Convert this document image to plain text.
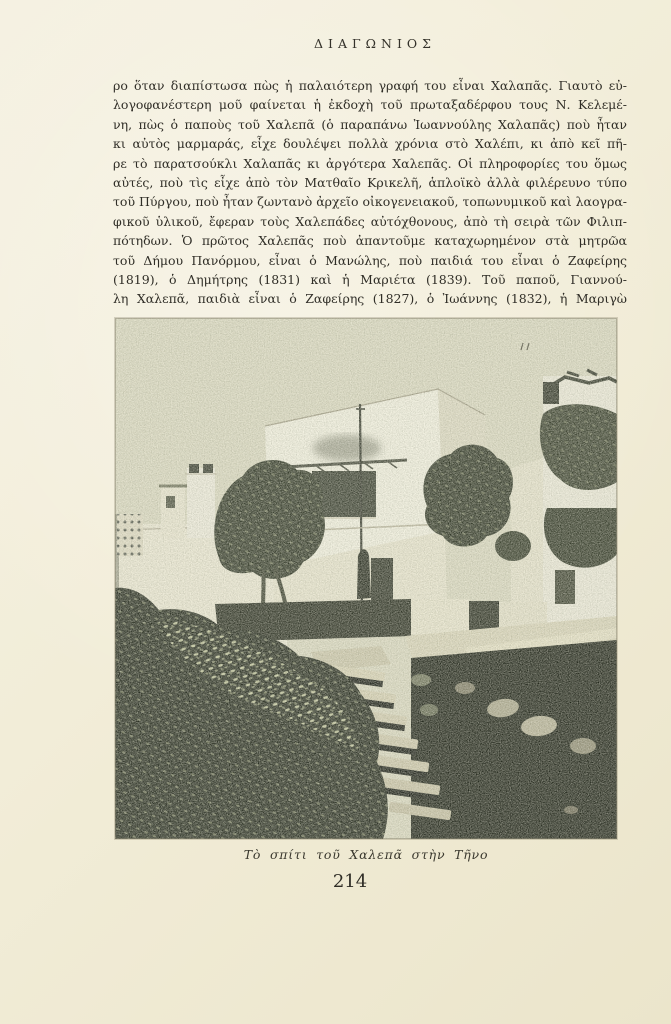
ΔΙΑΓΩΝΙΟΣ
ρο ὅταν διαπίστωσα πὼς ἡ παλαιότερη γραφή του εἶναι Χαλαπᾶς. Γιαυτὸ εὐ-
λογοφανέστερη μοῦ φαίνεται ἡ ἐκδοχὴ τοῦ πρωταξαδέρφου τους Ν. Κελεμέ-
νη, πὼς ὁ παποὺς τοῦ Χαλεπᾶ (ὁ παραπάνω Ἰωαννούλης Χαλαπᾶς) ποὺ ἦταν
κι αὐτὸς μαρμαράς, εἶχε δουλέψει πολλὰ χρόνια στὸ Χαλέπι, κι ἀπὸ κεῖ πῆ-
ρε τὸ παρατσούκλι Χαλαπᾶς κι ἀργότερα Χαλεπᾶς. Οἱ πληροφορίες του ὅμως
αὐτές, ποὺ τὶς εἶχε ἀπὸ τὸν Ματθαῖο Κρικελῆ, ἁπλοϊκὸ ἀλλὰ φιλέρευνο τύπο
τοῦ Πύργου, ποὺ ἦταν ζωντανὸ ἀρχεῖο οἰκογενειακοῦ, τοπωνυμικοῦ καὶ λαογρα-
φικοῦ ὑλικοῦ, ἔφεραν τοὺς Χαλεπάδες αὐτόχθονους, ἀπὸ τὴ σειρὰ τῶν Φιλιπ-
πότηδων. Ὁ πρῶτος Χαλεπᾶς ποὺ ἀπαντοῦμε καταχωρημένον στὰ μητρῶα
τοῦ Δήμου Πανόρμου, εἶναι ὁ Μανώλης, ποὺ παιδιά του εἶναι ὁ Ζαφείρης
(1819), ὁ Δημήτρης (1831) καὶ ἡ Μαριέτα (1839). Τοῦ παποῦ, Γιαννού-
λη Χαλεπᾶ, παιδιὰ εἶναι ὁ Ζαφείρης (1827), ὁ Ἰωάννης (1832), ἡ Μαριγὼ
Τὸ σπίτι τοῦ Χαλεπᾶ στὴν Τῆνο
214
